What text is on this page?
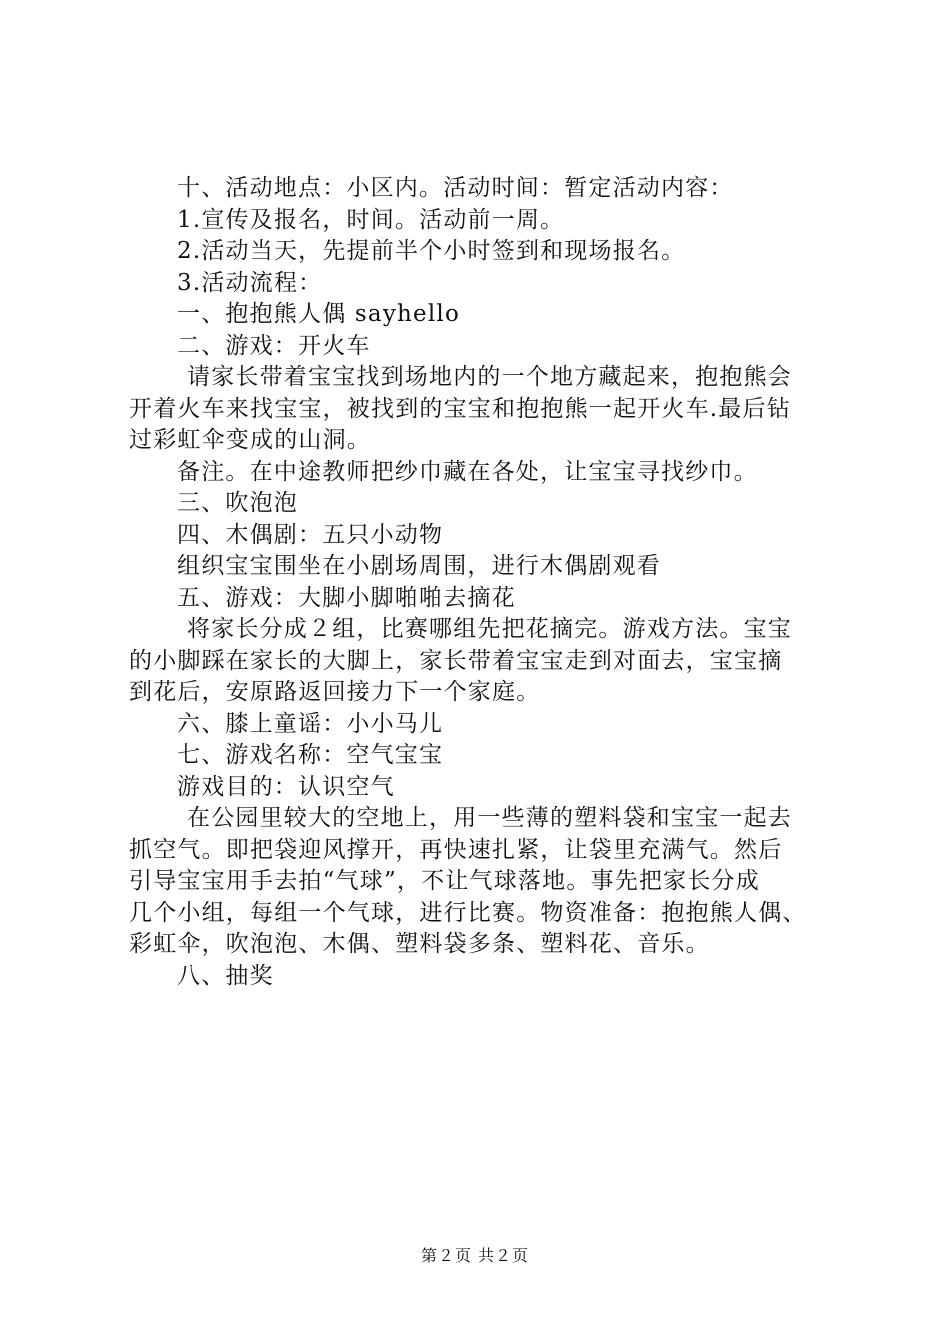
十、活动地点：小区内。活动时间：暂定活动内容：
1.宣传及报名，时间。活动前一周。
2.活动当天，先提前半个小时签到和现场报名。
3.活动流程：
一、抱抱熊人偶 sayhello
二、游戏：开火车
请家长带着宝宝找到场地内的一个地方藏起来，抱抱熊会
开着火车来找宝宝，被找到的宝宝和抱抱熊一起开火车.最后钻
过彩虹伞变成的山洞。
备注。在中途教师把纱巾藏在各处，让宝宝寻找纱巾。
三、吹泡泡
四、木偶剧：五只小动物
组织宝宝围坐在小剧场周围，进行木偶剧观看
五、游戏：大脚小脚啪啪去摘花
将家长分成２组，比赛哪组先把花摘完。游戏方法。宝宝
的小脚踩在家长的大脚上，家长带着宝宝走到对面去，宝宝摘
到花后，安原路返回接力下一个家庭。
六、膝上童谣：小小马儿
七、游戏名称：空气宝宝
游戏目的：认识空气
在公园里较大的空地上，用一些薄的塑料袋和宝宝一起去
抓空气。即把袋迎风撑开，再快速扎紧，让袋里充满气。然后
引导宝宝用手去拍“气球”，不让气球落地。事先把家长分成
几个小组，每组一个气球，进行比赛。物资准备：抱抱熊人偶、
彩虹伞，吹泡泡、木偶、塑料袋多条、塑料花、音乐。
八、抽奖
第２页 共２页
